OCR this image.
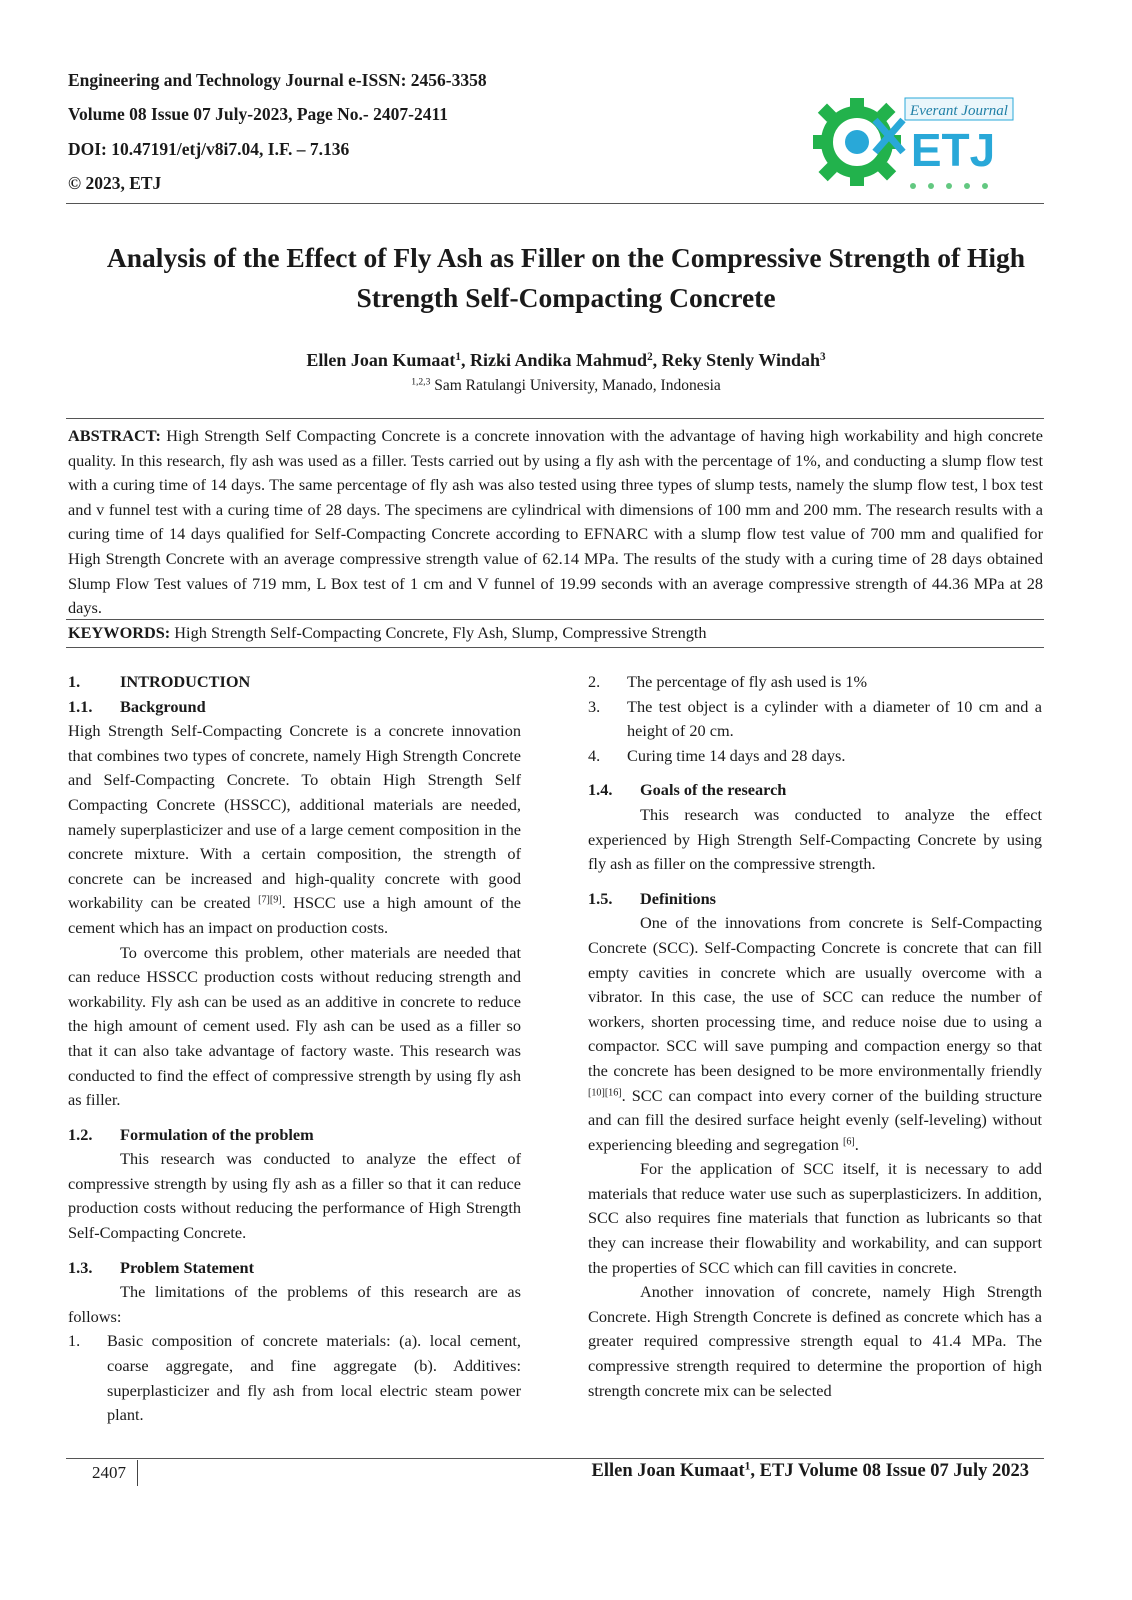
Engineering and Technology Journal e-ISSN: 2456-3358
Volume 08 Issue 07 July-2023, Page No.- 2407-2411
DOI: 10.47191/etj/v8i7.04, I.F. – 7.136
© 2023, ETJ
Everant Journal
ETJ
Analysis of the Effect of Fly Ash as Filler on the Compressive Strength of High Strength Self-Compacting Concrete
Ellen Joan Kumaat$^1$, Rizki Andika Mahmud$^2$, Reky Stenly Windah$^3$
$^{1,2,3}$ Sam Ratulangi University, Manado, Indonesia

ABSTRACT: High Strength Self Compacting Concrete is a concrete innovation with the advantage of having high workability and high concrete quality. In this research, fly ash was used as a filler. Tests carried out by using a fly ash with the percentage of 1%, and conducting a slump flow test with a curing time of 14 days. The same percentage of fly ash was also tested using three types of slump tests, namely the slump flow test, l box test and v funnel test with a curing time of 28 days. The specimens are cylindrical with dimensions of 100 mm and 200 mm. The research results with a curing time of 14 days qualified for Self-Compacting Concrete according to EFNARC with a slump flow test value of 700 mm and qualified for High Strength Concrete with an average compressive strength value of 62.14 MPa. The results of the study with a curing time of 28 days obtained Slump Flow Test values of 719 mm, L Box test of 1 cm and V funnel of 19.99 seconds with an average compressive strength of 44.36 MPa at 28 days.

KEYWORDS: High Strength Self-Compacting Concrete, Fly Ash, Slump, Compressive Strength

1. INTRODUCTION

1.1. Background

High Strength Self-Compacting Concrete is a concrete innovation that combines two types of concrete, namely High Strength Concrete and Self-Compacting Concrete. To obtain High Strength Self Compacting Concrete (HSSCC), additional materials are needed, namely superplasticizer and use of a large cement composition in the concrete mixture. With a certain composition, the strength of concrete can be increased and high-quality concrete with good workability can be created [7][9]. HSCC use a high amount of the cement which has an impact on production costs.

To overcome this problem, other materials are needed that can reduce HSSCC production costs without reducing strength and workability. Fly ash can be used as an additive in concrete to reduce the high amount of cement used. Fly ash can be used as a filler so that it can also take advantage of factory waste. This research was conducted to find the effect of compressive strength by using fly ash as filler.

1.2. Formulation of the problem

This research was conducted to analyze the effect of compressive strength by using fly ash as a filler so that it can reduce production costs without reducing the performance of High Strength Self-Compacting Concrete.

1.3. Problem Statement

The limitations of the problems of this research are as follows:

1.	Basic composition of concrete materials: (a). local cement, coarse aggregate, and fine aggregate (b). Additives: superplasticizer and fly ash from local electric steam power plant.
2.	The percentage of fly ash used is 1%
3.	The test object is a cylinder with a diameter of 10 cm and a height of 20 cm.
4.	Curing time 14 days and 28 days.

1.4. Goals of the research

This research was conducted to analyze the effect experienced by High Strength Self-Compacting Concrete by using fly ash as filler on the compressive strength.

1.5. Definitions

One of the innovations from concrete is Self-Compacting Concrete (SCC). Self-Compacting Concrete is concrete that can fill empty cavities in concrete which are usually overcome with a vibrator. In this case, the use of SCC can reduce the number of workers, shorten processing time, and reduce noise due to using a compactor. SCC will save pumping and compaction energy so that the concrete has been designed to be more environmentally friendly [10][16]. SCC can compact into every corner of the building structure and can fill the desired surface height evenly (self-leveling) without experiencing bleeding and segregation [6].

For the application of SCC itself, it is necessary to add materials that reduce water use such as superplasticizers. In addition, SCC also requires fine materials that function as lubricants so that they can increase their flowability and workability, and can support the properties of SCC which can fill cavities in concrete.

Another innovation of concrete, namely High Strength Concrete. High Strength Concrete is defined as concrete which has a greater required compressive strength equal to 41.4 MPa. The compressive strength required to determine the proportion of high strength concrete mix can be selected

2407	Ellen Joan Kumaat$^1$, ETJ Volume 08 Issue 07 July 2023
